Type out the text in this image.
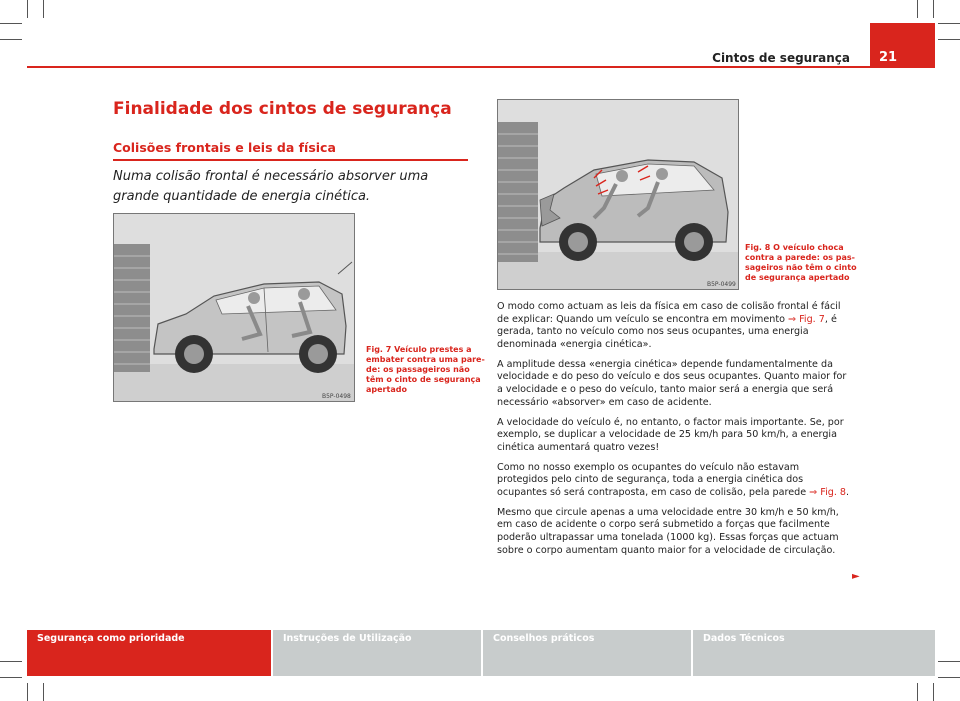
Cintos de segurança	21
Finalidade dos cintos de segurança
Colisões frontais e leis da física
Numa colisão frontal é necessário absorver uma grande quantidade de energia cinética.
B5P-0498
Fig. 7 Veículo prestes a
embater contra uma pare-
de: os passageiros não
têm o cinto de segurança
apertado
B5P-0499
Fig. 8 O veículo choca
contra a parede: os pas-
sageiros não têm o cinto
de segurança apertado

O modo como actuam as leis da física em caso de colisão frontal é fácil de explicar: Quando um veículo se encontra em movimento ⇒ Fig. 7, é gerada, tanto no veículo como nos seus ocupantes, uma energia denominada «energia cinética».

A amplitude dessa «energia cinética» depende fundamentalmente da velocidade e do peso do veículo e dos seus ocupantes. Quanto maior for a velocidade e o peso do veículo, tanto maior será a energia que será necessário «absorver» em caso de acidente.

A velocidade do veículo é, no entanto, o factor mais importante. Se, por exemplo, se duplicar a velocidade de 25 km/h para 50 km/h, a energia cinética aumentará quatro vezes!

Como no nosso exemplo os ocupantes do veículo não estavam protegidos pelo cinto de segurança, toda a energia cinética dos ocupantes só será contraposta, em caso de colisão, pela parede ⇒ Fig. 8.

Mesmo que circule apenas a uma velocidade entre 30 km/h e 50 km/h, em caso de acidente o corpo será submetido a forças que facilmente poderão ultrapassar uma tonelada (1000 kg). Essas forças que actuam sobre o corpo aumentam quanto maior for a velocidade de circulação.

►
Segurança como prioridade	Instruções de Utilização	Conselhos práticos	Dados Técnicos
